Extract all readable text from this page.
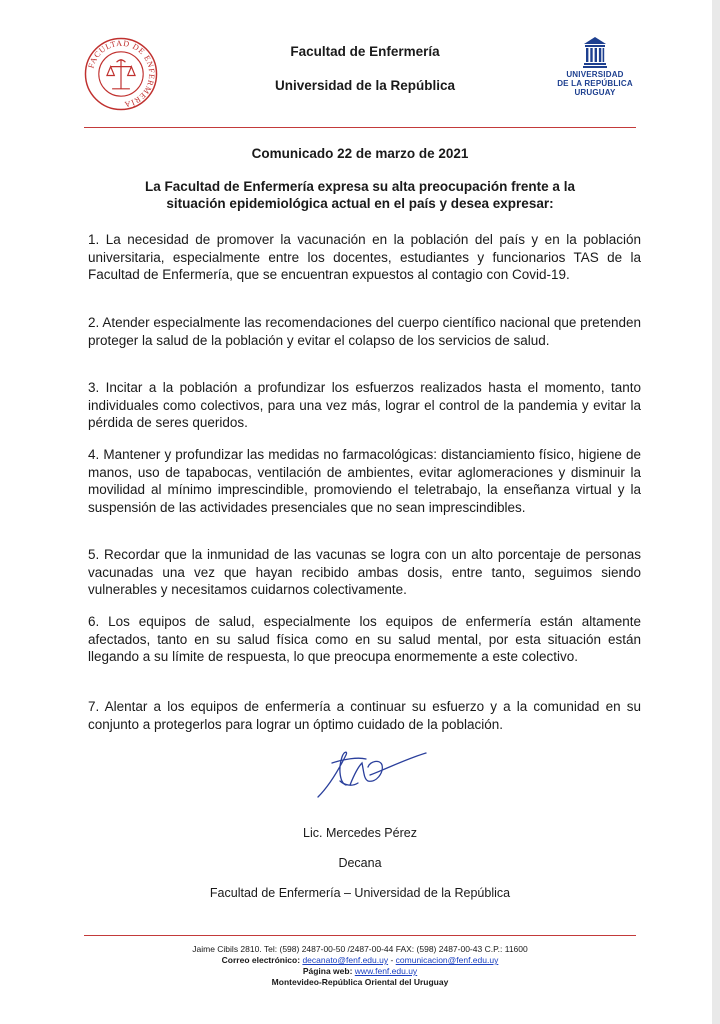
FACULTAD DE ENFERMERÍA
Facultad de Enfermería
Universidad de la República
UNIVERSIDAD
DE LA REPÚBLICA
URUGUAY
Comunicado 22 de marzo de 2021
La Facultad de Enfermería expresa su alta preocupación frente a la situación epidemiológica actual en el país y desea expresar:
1. La necesidad de promover la vacunación en la población del país y en la población universitaria, especialmente entre los docentes, estudiantes y funcionarios TAS de la Facultad de Enfermería, que se encuentran expuestos al contagio con Covid-19.
2. Atender especialmente las recomendaciones del cuerpo científico nacional que pretenden proteger la salud de la población y evitar el colapso de los servicios de salud.
3. Incitar a la población a profundizar los esfuerzos realizados hasta el momento, tanto individuales como colectivos, para una vez más, lograr el control de la pandemia y evitar la pérdida de seres queridos.
4. Mantener y profundizar las medidas no farmacológicas: distanciamiento físico, higiene de manos, uso de tapabocas, ventilación de ambientes, evitar aglomeraciones y disminuir la movilidad al mínimo imprescindible, promoviendo el teletrabajo, la enseñanza virtual y la suspensión de las actividades presenciales que no sean imprescindibles.
5. Recordar que la inmunidad de las vacunas se logra con un alto porcentaje de personas vacunadas una vez que hayan recibido ambas dosis, entre tanto, seguimos siendo vulnerables y necesitamos cuidarnos colectivamente.
6. Los equipos de salud, especialmente los equipos de enfermería están altamente afectados, tanto en su salud física como en su salud mental, por esta situación están llegando a su límite de respuesta, lo que preocupa enormemente a este colectivo.
7. Alentar a los equipos de enfermería a continuar su esfuerzo y a la comunidad en su conjunto a protegerlos para lograr un óptimo cuidado de la población.
Lic. Mercedes Pérez
Decana
Facultad de Enfermería – Universidad de la República
Jaime Cibils 2810. Tel: (598) 2487-00-50 /2487-00-44 FAX: (598) 2487-00-43 C.P.: 11600
Correo electrónico: decanato@fenf.edu.uy - comunicacion@fenf.edu.uy
Página web: www.fenf.edu.uy
Montevideo-República Oriental del Uruguay
